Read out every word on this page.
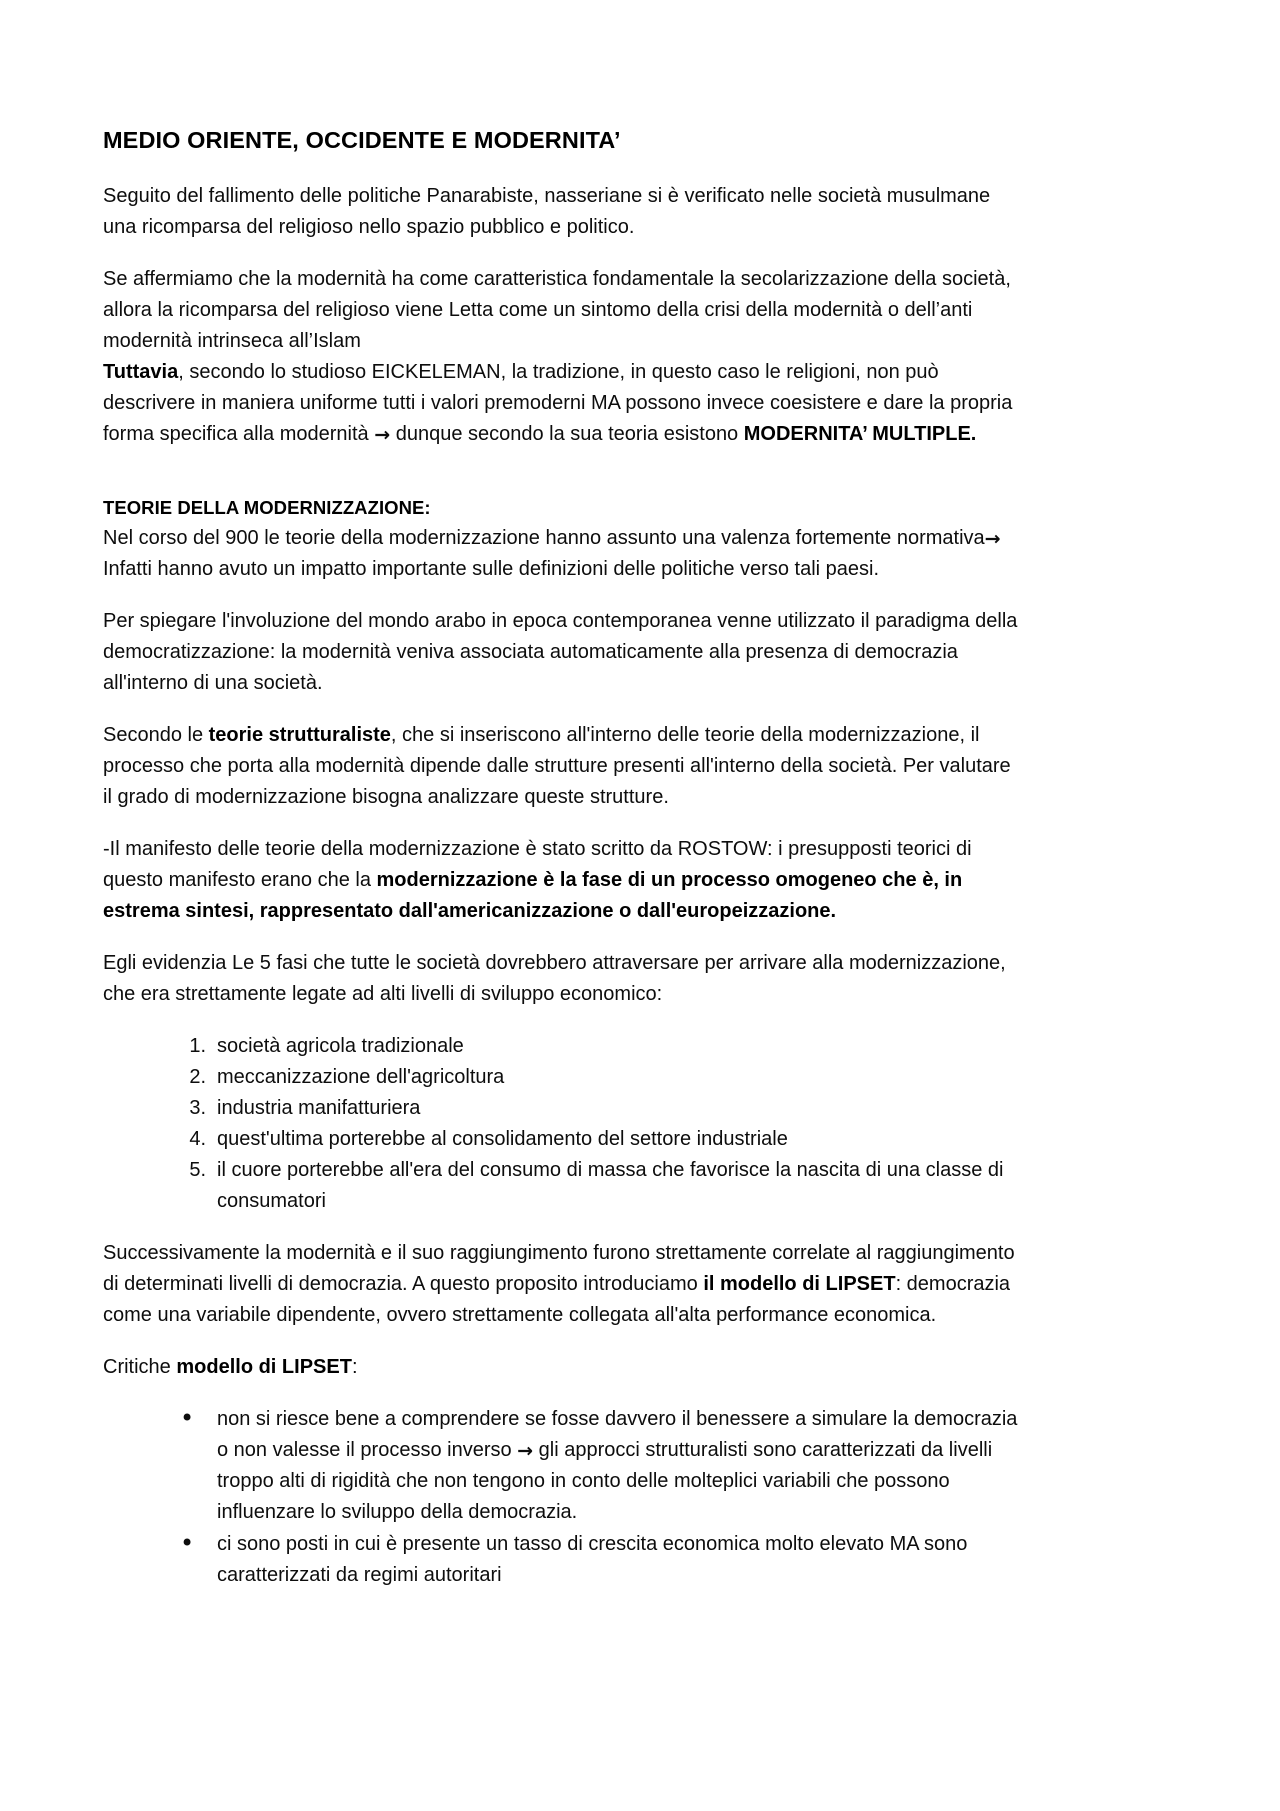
MEDIO ORIENTE, OCCIDENTE E MODERNITA’

Seguito del fallimento delle politiche Panarabiste, nasseriane si è verificato nelle società musulmane una ricomparsa del religioso nello spazio pubblico e politico.

Se affermiamo che la modernità ha come caratteristica fondamentale la secolarizzazione della società, allora la ricomparsa del religioso viene Letta come un sintomo della crisi della modernità o dell’anti modernità intrinseca all’Islam

Tuttavia, secondo lo studioso EICKELEMAN, la tradizione, in questo caso le religioni, non può descrivere in maniera uniforme tutti i valori premoderni MA possono invece coesistere e dare la propria forma specifica alla modernità → dunque secondo la sua teoria esistono MODERNITA’ MULTIPLE.

TEORIE DELLA MODERNIZZAZIONE:

Nel corso del 900 le teorie della modernizzazione hanno assunto una valenza fortemente normativa→

Infatti hanno avuto un impatto importante sulle definizioni delle politiche verso tali paesi.

Per spiegare l'involuzione del mondo arabo in epoca contemporanea venne utilizzato il paradigma della democratizzazione: la modernità veniva associata automaticamente alla presenza di democrazia all'interno di una società.

Secondo le teorie strutturaliste, che si inseriscono all'interno delle teorie della modernizzazione, il processo che porta alla modernità dipende dalle strutture presenti all'interno della società. Per valutare il grado di modernizzazione bisogna analizzare queste strutture.

-Il manifesto delle teorie della modernizzazione è stato scritto da ROSTOW: i presupposti teorici di questo manifesto erano che la modernizzazione è la fase di un processo omogeneo che è, in estrema sintesi, rappresentato dall'americanizzazione o dall'europeizzazione.

Egli evidenzia Le 5 fasi che tutte le società dovrebbero attraversare per arrivare alla modernizzazione, che era strettamente legate ad alti livelli di sviluppo economico:

società agricola tradizionale
meccanizzazione dell'agricoltura
industria manifatturiera
quest'ultima porterebbe al consolidamento del settore industriale
il cuore porterebbe all'era del consumo di massa che favorisce la nascita di una classe di consumatori

Successivamente la modernità e il suo raggiungimento furono strettamente correlate al raggiungimento di determinati livelli di democrazia. A questo proposito introduciamo il modello di LIPSET: democrazia come una variabile dipendente, ovvero strettamente collegata all'alta performance economica.

Critiche modello di LIPSET:

• non si riesce bene a comprendere se fosse davvero il benessere a simulare la democrazia o non valesse il processo inverso → gli approcci strutturalisti sono caratterizzati da livelli troppo alti di rigidità che non tengono in conto delle molteplici variabili che possono influenzare lo sviluppo della democrazia.
• ci sono posti in cui è presente un tasso di crescita economica molto elevato MA sono caratterizzati da regimi autoritari
